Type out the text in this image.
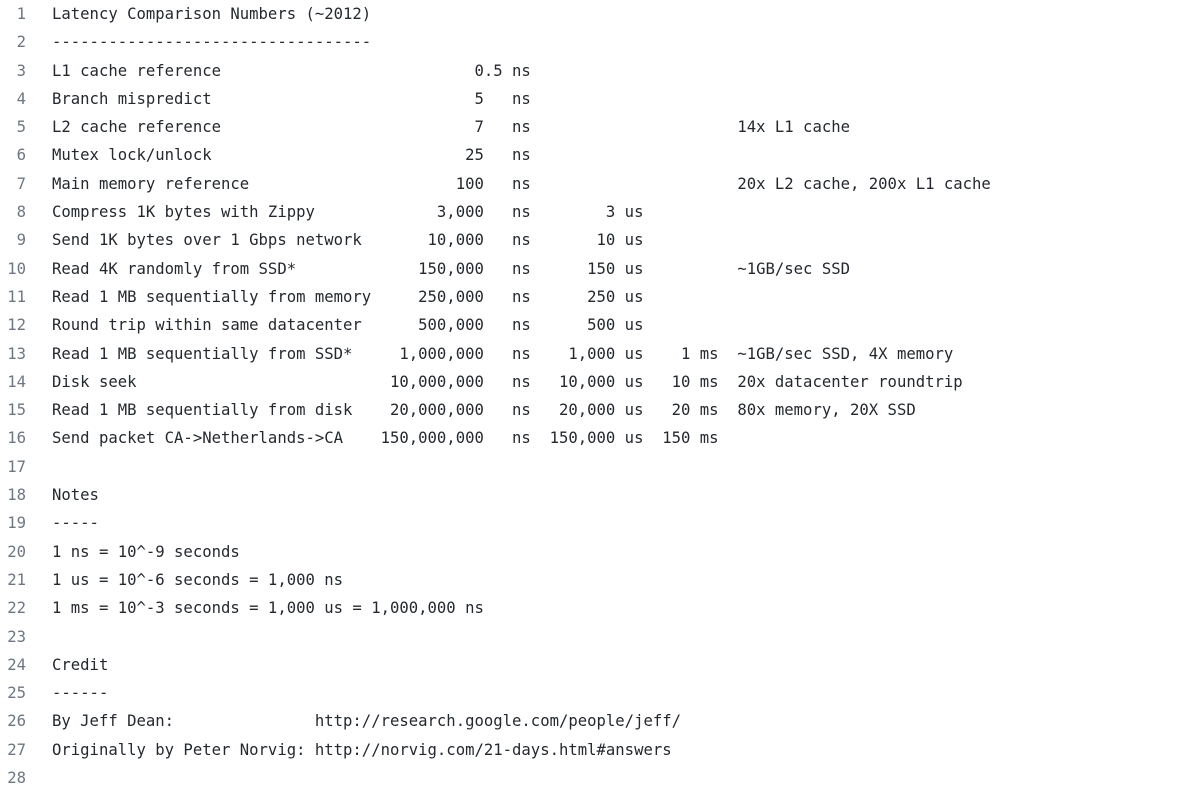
1 Latency Comparison Numbers (~2012)
2 ----------------------------------
3 L1 cache reference                           0.5 ns
4 Branch mispredict                            5   ns
5 L2 cache reference                           7   ns                      14x L1 cache
6 Mutex lock/unlock                           25   ns
7 Main memory reference                      100   ns                      20x L2 cache, 200x L1 cache
8 Compress 1K bytes with Zippy             3,000   ns        3 us
9 Send 1K bytes over 1 Gbps network       10,000   ns       10 us
10 Read 4K randomly from SSD*             150,000   ns      150 us          ~1GB/sec SSD
11 Read 1 MB sequentially from memory     250,000   ns      250 us
12 Round trip within same datacenter      500,000   ns      500 us
13 Read 1 MB sequentially from SSD*     1,000,000   ns    1,000 us    1 ms  ~1GB/sec SSD, 4X memory
14 Disk seek                           10,000,000   ns   10,000 us   10 ms  20x datacenter roundtrip
15 Read 1 MB sequentially from disk    20,000,000   ns   20,000 us   20 ms  80x memory, 20X SSD
16 Send packet CA->Netherlands->CA    150,000,000   ns  150,000 us  150 ms
17
18 Notes
19 -----
20 1 ns = 10^-9 seconds
21 1 us = 10^-6 seconds = 1,000 ns
22 1 ms = 10^-3 seconds = 1,000 us = 1,000,000 ns
23
24 Credit
25 ------
26 By Jeff Dean:               http://research.google.com/people/jeff/
27 Originally by Peter Norvig: http://norvig.com/21-days.html#answers
28
